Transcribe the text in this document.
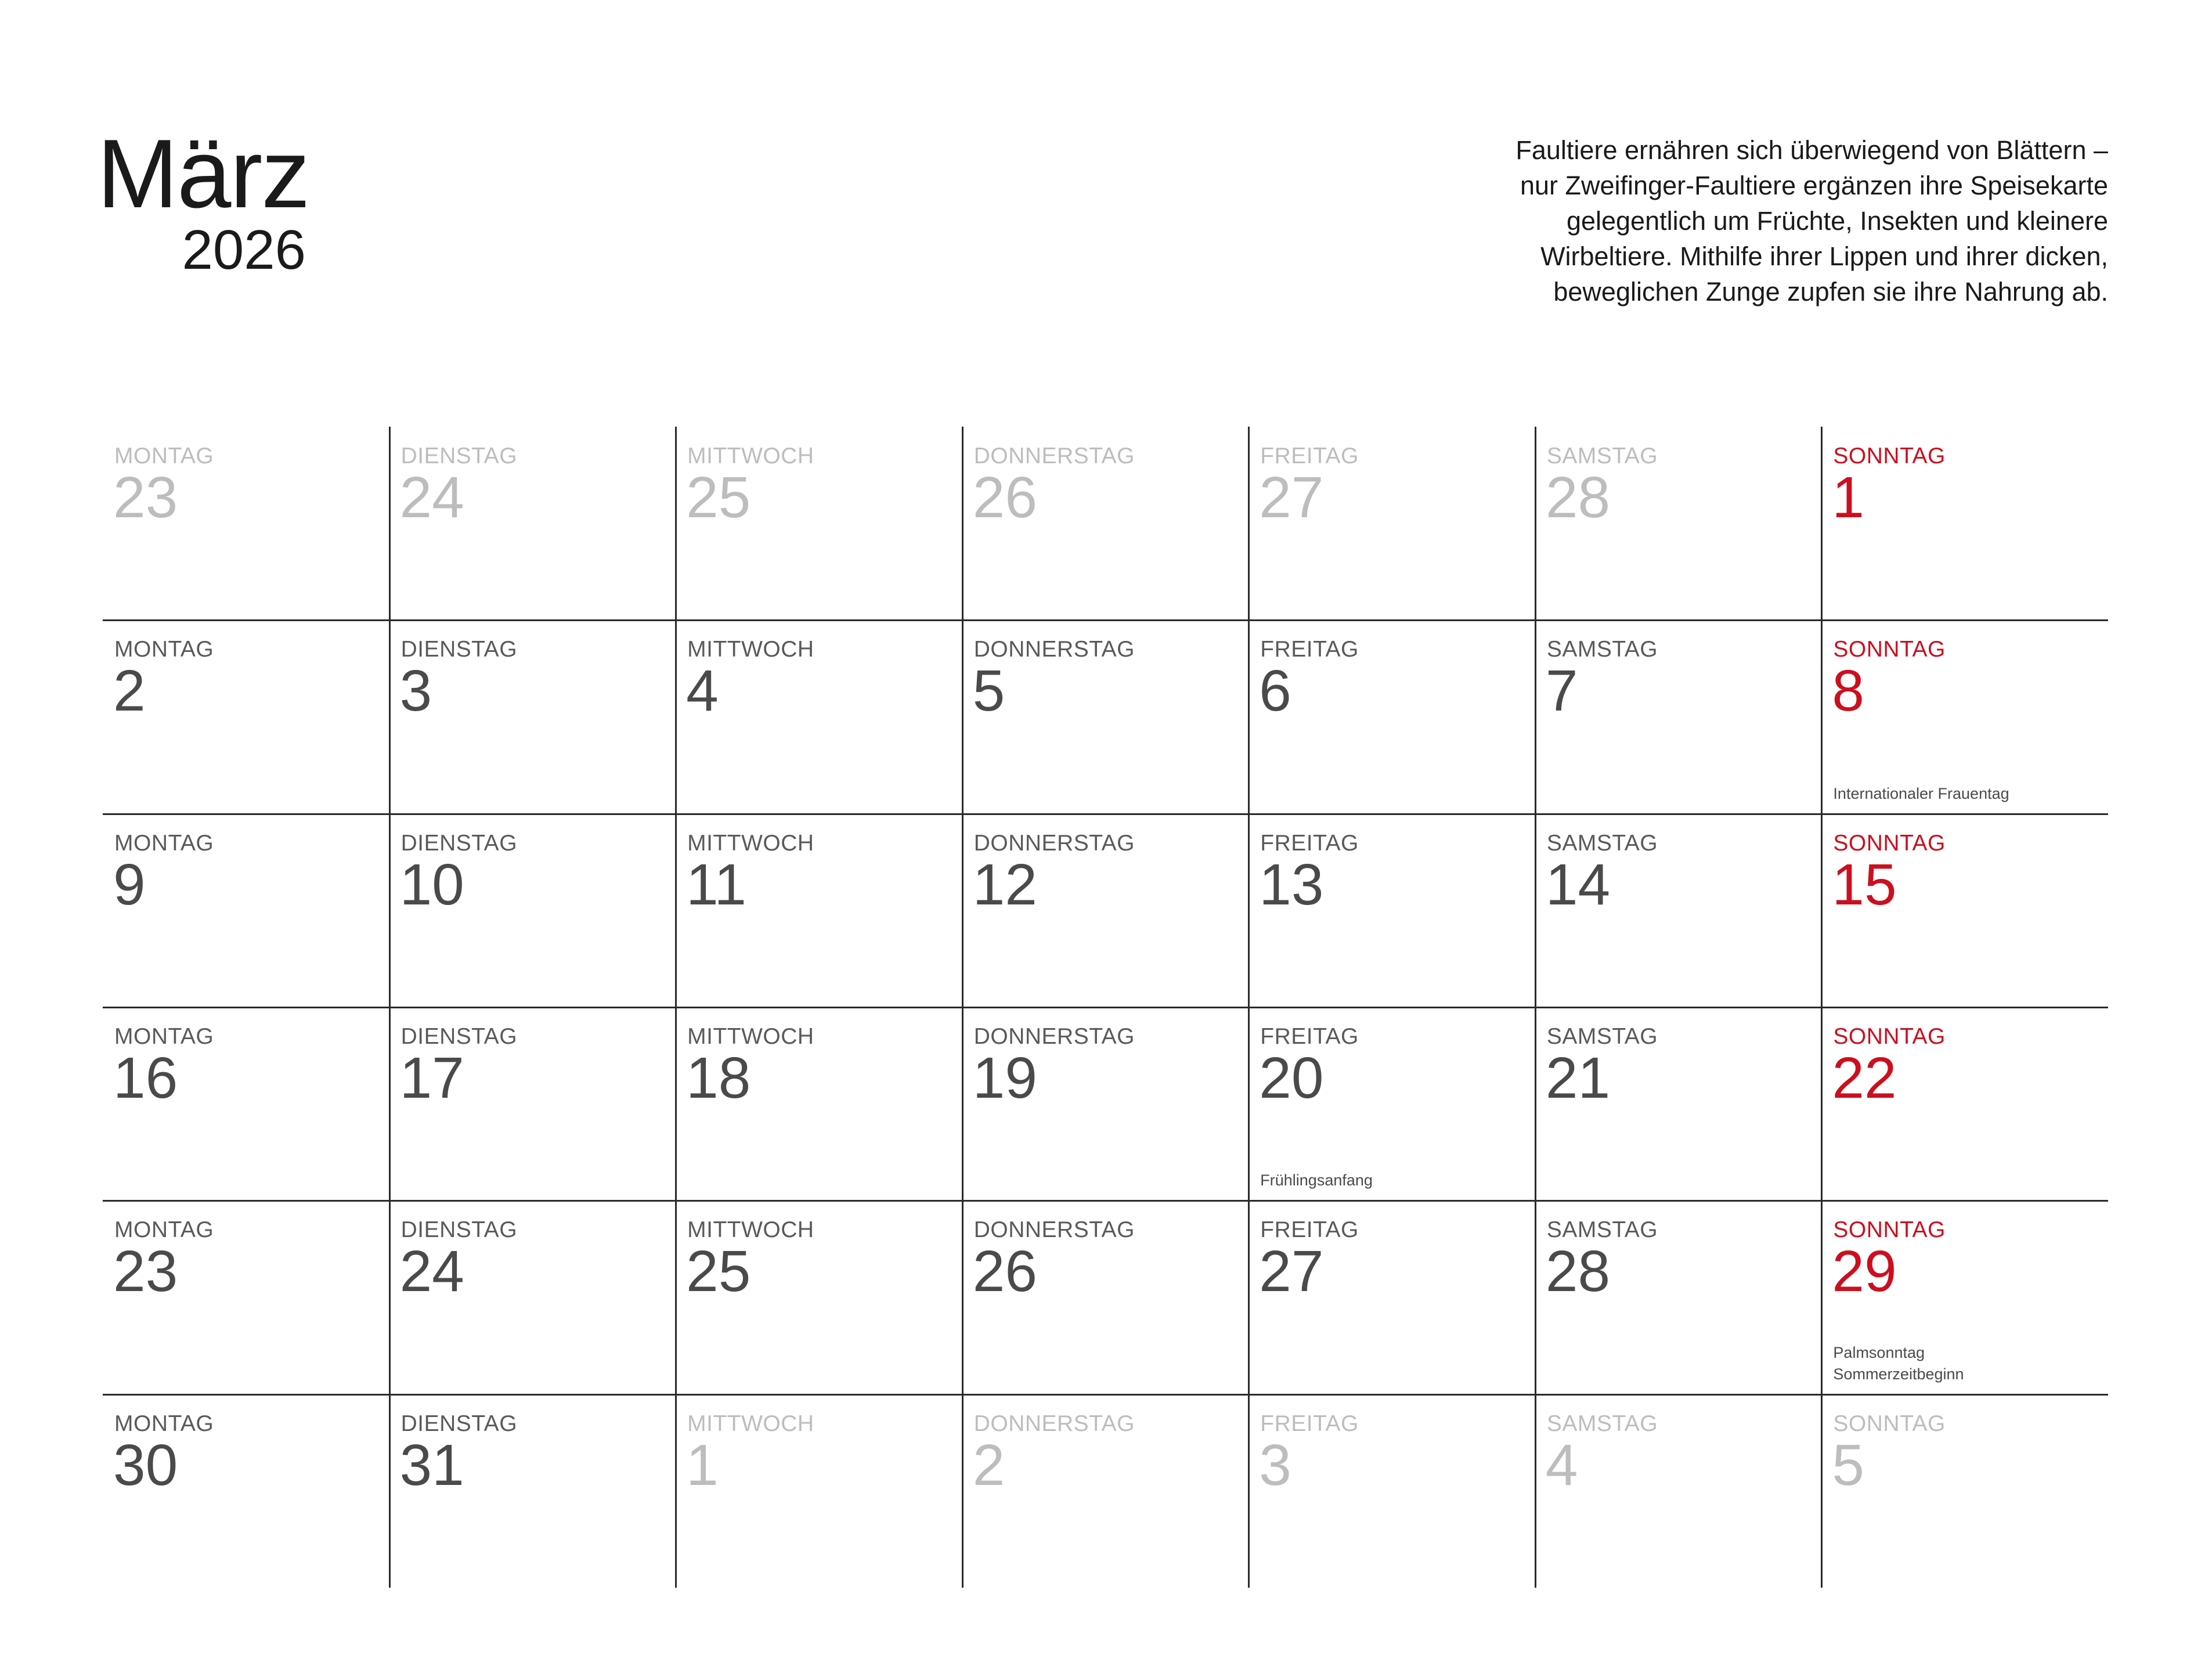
März
2026
Faultiere ernähren sich überwiegend von Blättern –
nur Zweifinger-Faultiere ergänzen ihre Speisekarte
gelegentlich um Früchte, Insekten und kleinere
Wirbeltiere. Mithilfe ihrer Lippen und ihrer dicken,
beweglichen Zunge zupfen sie ihre Nahrung ab.
MONTAG
23
DIENSTAG
24
MITTWOCH
25
DONNERSTAG
26
FREITAG
27
SAMSTAG
28
SONNTAG
1
MONTAG
2
DIENSTAG
3
MITTWOCH
4
DONNERSTAG
5
FREITAG
6
SAMSTAG
7
SONNTAG
8
Internationaler Frauentag
MONTAG
9
DIENSTAG
10
MITTWOCH
11
DONNERSTAG
12
FREITAG
13
SAMSTAG
14
SONNTAG
15
MONTAG
16
DIENSTAG
17
MITTWOCH
18
DONNERSTAG
19
FREITAG
20
Frühlingsanfang
SAMSTAG
21
SONNTAG
22
MONTAG
23
DIENSTAG
24
MITTWOCH
25
DONNERSTAG
26
FREITAG
27
SAMSTAG
28
SONNTAG
29
Palmsonntag
Sommerzeitbeginn
MONTAG
30
DIENSTAG
31
MITTWOCH
1
DONNERSTAG
2
FREITAG
3
SAMSTAG
4
SONNTAG
5
